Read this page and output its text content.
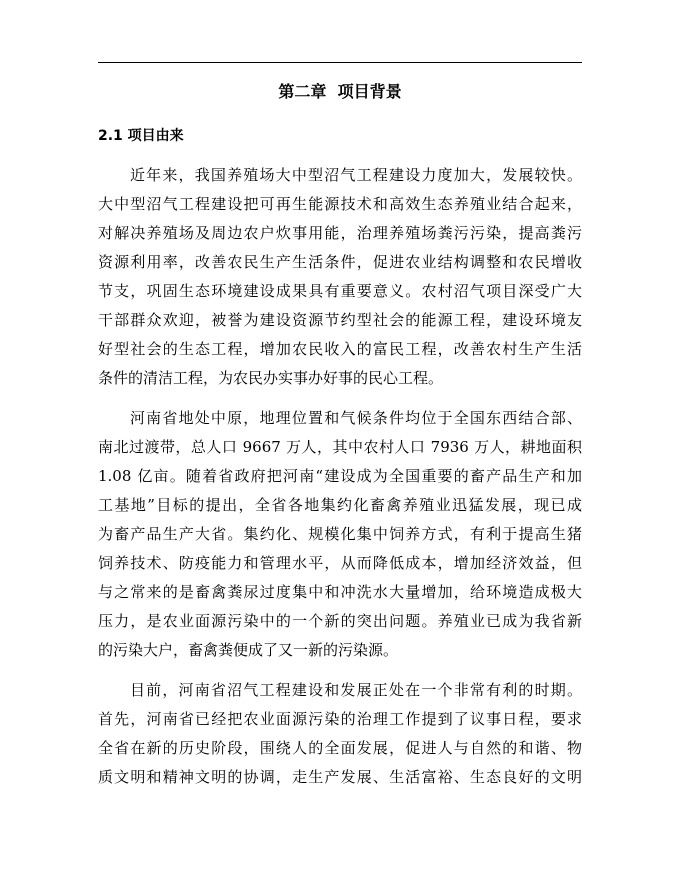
第二章  项目背景
2.1 项目由来
近年来，我国养殖场大中型沼气工程建设力度加大，发展较快。
大中型沼气工程建设把可再生能源技术和高效生态养殖业结合起来，
对解决养殖场及周边农户炊事用能，治理养殖场粪污污染，提高粪污
资源利用率，改善农民生产生活条件，促进农业结构调整和农民增收
节支，巩固生态环境建设成果具有重要意义。农村沼气项目深受广大
干部群众欢迎，被誉为建设资源节约型社会的能源工程，建设环境友
好型社会的生态工程，增加农民收入的富民工程，改善农村生产生活
条件的清洁工程，为农民办实事办好事的民心工程。
河南省地处中原，地理位置和气候条件均位于全国东西结合部、
南北过渡带，总人口 9667 万人，其中农村人口 7936 万人，耕地面积
1.08 亿亩。随着省政府把河南“建设成为全国重要的畜产品生产和加
工基地”目标的提出，全省各地集约化畜禽养殖业迅猛发展，现已成
为畜产品生产大省。集约化、规模化集中饲养方式，有利于提高生猪
饲养技术、防疫能力和管理水平，从而降低成本，增加经济效益，但
与之常来的是畜禽粪尿过度集中和冲洗水大量增加，给环境造成极大
压力，是农业面源污染中的一个新的突出问题。养殖业已成为我省新
的污染大户，畜禽粪便成了又一新的污染源。
目前，河南省沼气工程建设和发展正处在一个非常有利的时期。
首先，河南省已经把农业面源污染的治理工作提到了议事日程，要求
全省在新的历史阶段，围绕人的全面发展，促进人与自然的和谐、物
质文明和精神文明的协调，走生产发展、生活富裕、生态良好的文明
